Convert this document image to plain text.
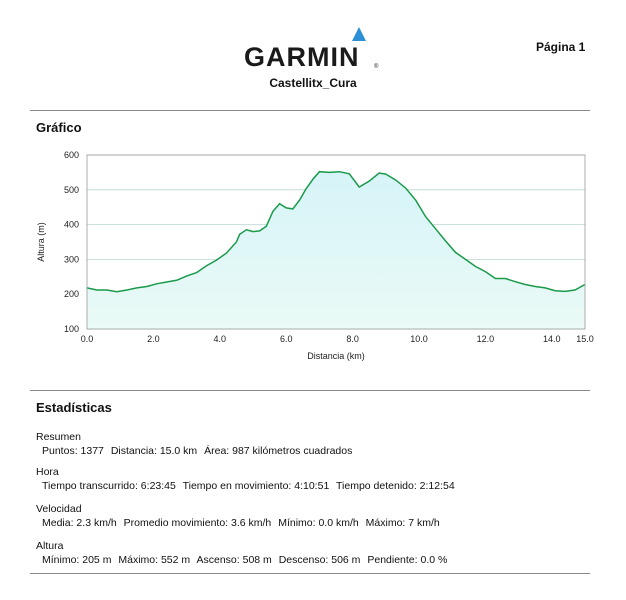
GARMIN ®
Castellitx_Cura
Página 1
Gráfico
0.0	2.0	4.0	6.0	8.0	10.0	12.0	14.0 15.0
100
200
300
400
500
600
Distancia (km)
Altura (m)
Estadísticas
Resumen
Puntos: 1377 Distancia: 15.0 km Área: 987 kilómetros cuadrados
Hora
Tiempo transcurrido: 6:23:45 Tiempo en movimiento: 4:10:51 Tiempo detenido: 2:12:54
Velocidad
Media: 2.3 km/h Promedio movimiento: 3.6 km/h Mínimo: 0.0 km/h Máximo: 7 km/h
Altura
Mínimo: 205 m Máximo: 552 m Ascenso: 508 m Descenso: 506 m Pendiente: 0.0 %
